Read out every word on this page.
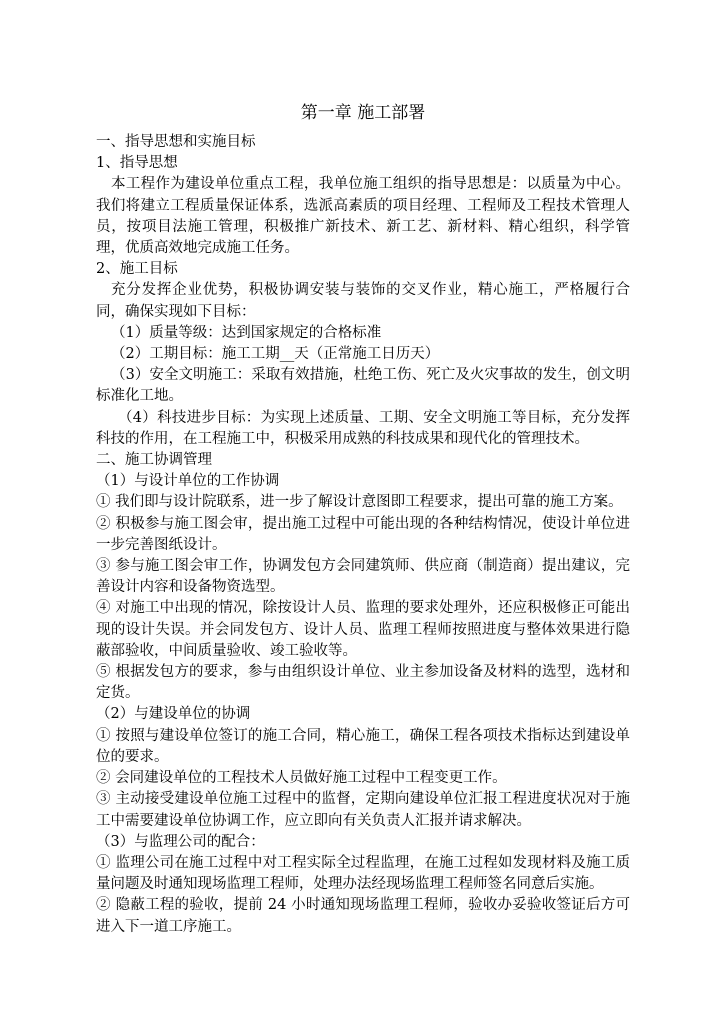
第一章 施工部署
一、指导思想和实施目标
1、指导思想
本工程作为建设单位重点工程，我单位施工组织的指导思想是：以质量为中心。我们将建立工程质量保证体系，选派高素质的项目经理、工程师及工程技术管理人员，按项目法施工管理，积极推广新技术、新工艺、新材料、精心组织，科学管理，优质高效地完成施工任务。
2、施工目标
充分发挥企业优势，积极协调安装与装饰的交叉作业，精心施工，严格履行合同，确保实现如下目标：
（1）质量等级：达到国家规定的合格标准
（2）工期目标：施工工期__天（正常施工日历天）
（3）安全文明施工：采取有效措施，杜绝工伤、死亡及火灾事故的发生，创文明标准化工地。
（4）科技进步目标：为实现上述质量、工期、安全文明施工等目标，充分发挥科技的作用，在工程施工中，积极采用成熟的科技成果和现代化的管理技术。
二、施工协调管理
（1）与设计单位的工作协调
① 我们即与设计院联系，进一步了解设计意图即工程要求，提出可靠的施工方案。
② 积极参与施工图会审，提出施工过程中可能出现的各种结构情况，使设计单位进一步完善图纸设计。
③ 参与施工图会审工作，协调发包方会同建筑师、供应商（制造商）提出建议，完善设计内容和设备物资选型。
④ 对施工中出现的情况，除按设计人员、监理的要求处理外，还应积极修正可能出现的设计失误。并会同发包方、设计人员、监理工程师按照进度与整体效果进行隐蔽部验收，中间质量验收、竣工验收等。
⑤ 根据发包方的要求，参与由组织设计单位、业主参加设备及材料的选型，选材和定货。
（2）与建设单位的协调
① 按照与建设单位签订的施工合同，精心施工，确保工程各项技术指标达到建设单位的要求。
② 会同建设单位的工程技术人员做好施工过程中工程变更工作。
③ 主动接受建设单位施工过程中的监督，定期向建设单位汇报工程进度状况对于施工中需要建设单位协调工作，应立即向有关负责人汇报并请求解决。
（3）与监理公司的配合：
① 监理公司在施工过程中对工程实际全过程监理，在施工过程如发现材料及施工质量问题及时通知现场监理工程师，处理办法经现场监理工程师签名同意后实施。
② 隐蔽工程的验收，提前 24 小时通知现场监理工程师，验收办妥验收签证后方可进入下一道工序施工。
